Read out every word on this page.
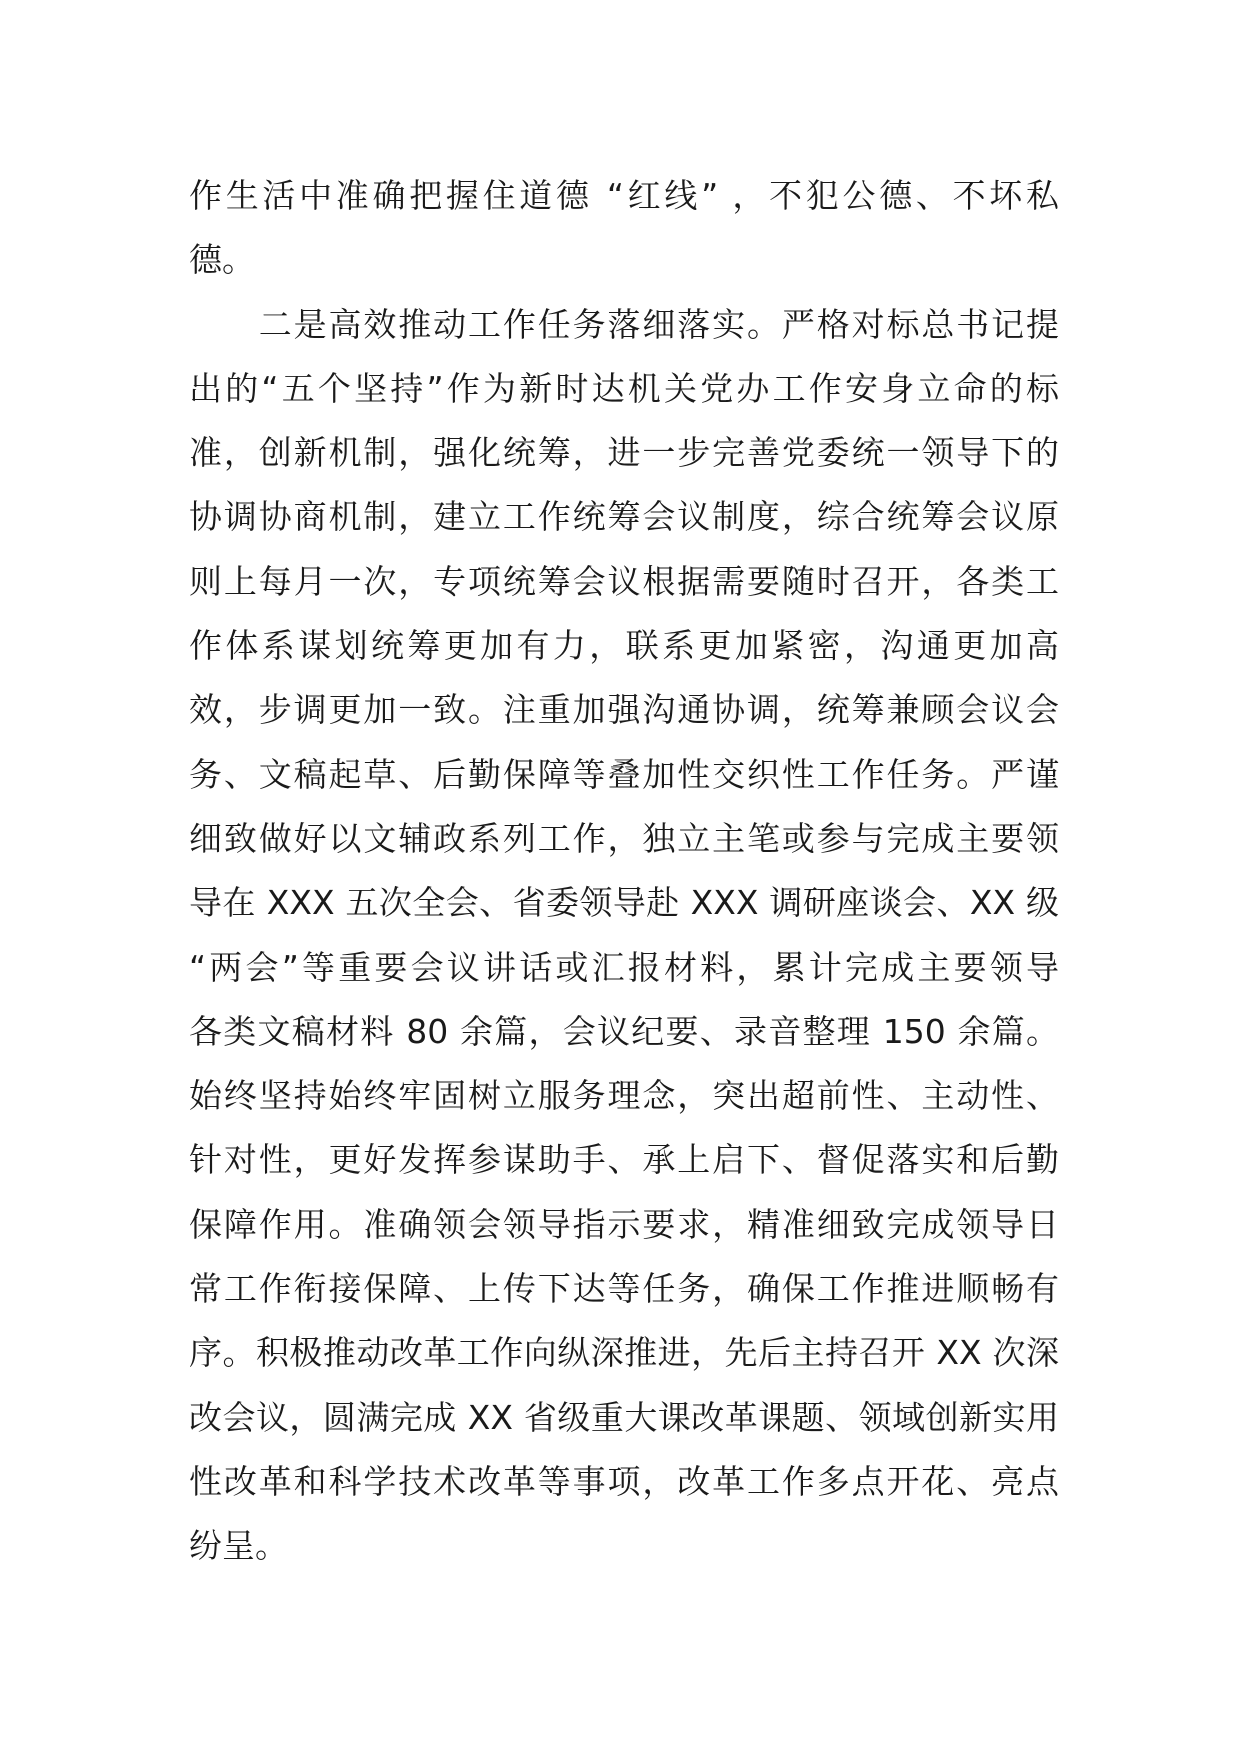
作生活中准确把握住道德 “红线” ，不犯公德、不坏私
德。
　　二是高效推动工作任务落细落实。严格对标总书记提
出的“五个坚持”作为新时达机关党办工作安身立命的标
准，创新机制，强化统筹，进一步完善党委统一领导下的
协调协商机制，建立工作统筹会议制度，综合统筹会议原
则上每月一次，专项统筹会议根据需要随时召开，各类工
作体系谋划统筹更加有力，联系更加紧密，沟通更加高
效，步调更加一致。注重加强沟通协调，统筹兼顾会议会
务、文稿起草、后勤保障等叠加性交织性工作任务。严谨
细致做好以文辅政系列工作，独立主笔或参与完成主要领
导在 XXX 五次全会、省委领导赴 XXX 调研座谈会、XX 级
“两会”等重要会议讲话或汇报材料，累计完成主要领导
各类文稿材料 80 余篇，会议纪要、录音整理 150 余篇。
始终坚持始终牢固树立服务理念，突出超前性、主动性、
针对性，更好发挥参谋助手、承上启下、督促落实和后勤
保障作用。准确领会领导指示要求，精准细致完成领导日
常工作衔接保障、上传下达等任务，确保工作推进顺畅有
序。积极推动改革工作向纵深推进，先后主持召开 XX 次深
改会议，圆满完成 XX 省级重大课改革课题、领域创新实用
性改革和科学技术改革等事项，改革工作多点开花、亮点
纷呈。
